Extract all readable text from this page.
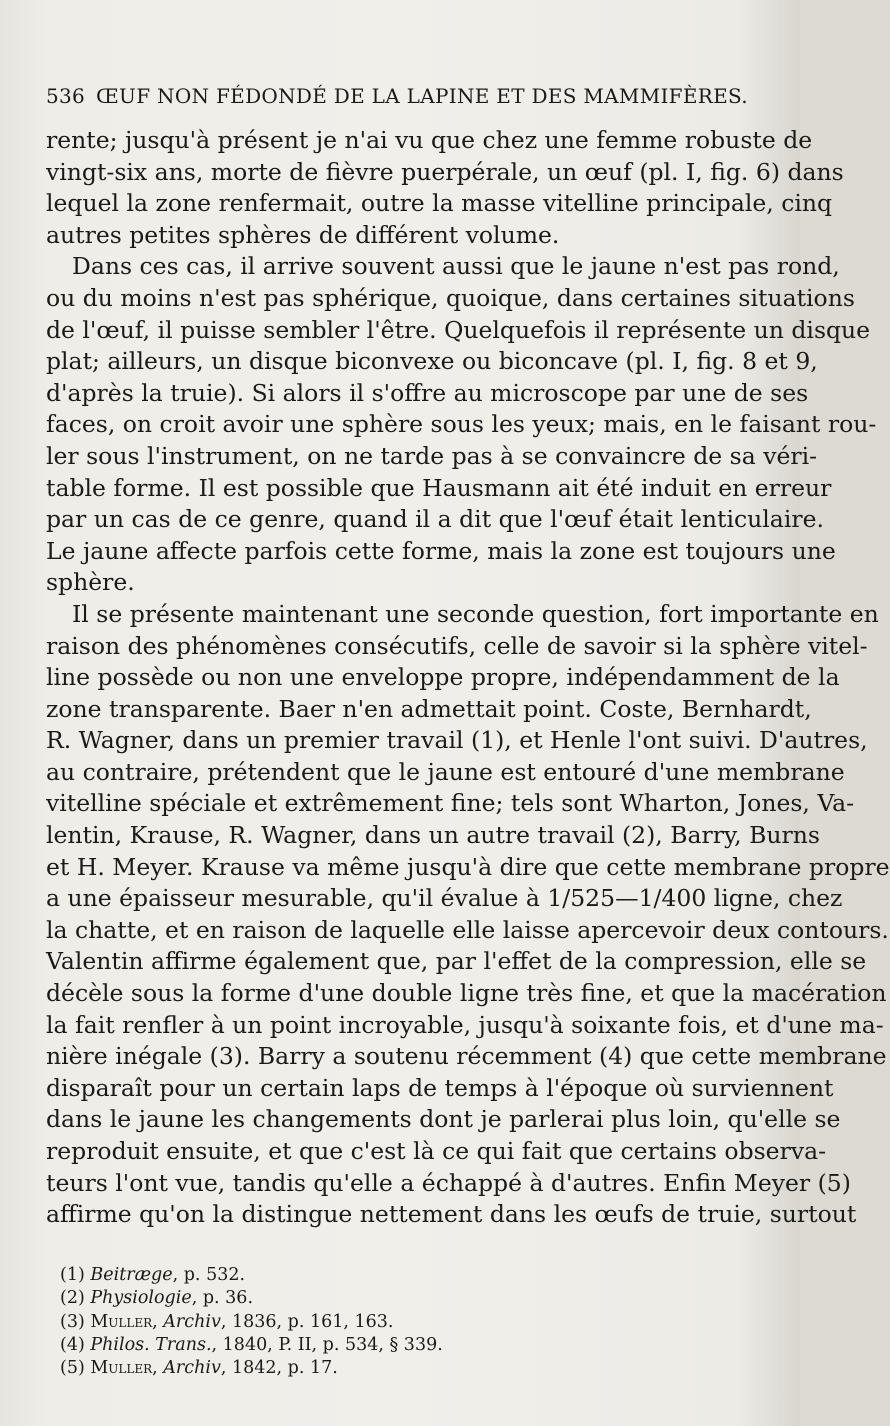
536 ŒUF NON FÉDONDÉ DE LA LAPINE ET DES MAMMIFÈRES.
rente; jusqu'à présent je n'ai vu que chez une femme robuste de
vingt-six ans, morte de fièvre puerpérale, un œuf (pl. I, fig. 6) dans
lequel la zone renfermait, outre la masse vitelline principale, cinq
autres petites sphères de différent volume.
Dans ces cas, il arrive souvent aussi que le jaune n'est pas rond,
ou du moins n'est pas sphérique, quoique, dans certaines situations
de l'œuf, il puisse sembler l'être. Quelquefois il représente un disque
plat; ailleurs, un disque biconvexe ou biconcave (pl. I, fig. 8 et 9,
d'après la truie). Si alors il s'offre au microscope par une de ses
faces, on croit avoir une sphère sous les yeux; mais, en le faisant rou-
ler sous l'instrument, on ne tarde pas à se convaincre de sa véri-
table forme. Il est possible que Hausmann ait été induit en erreur
par un cas de ce genre, quand il a dit que l'œuf était lenticulaire.
Le jaune affecte parfois cette forme, mais la zone est toujours une
sphère.
Il se présente maintenant une seconde question, fort importante en
raison des phénomènes consécutifs, celle de savoir si la sphère vitel-
line possède ou non une enveloppe propre, indépendamment de la
zone transparente. Baer n'en admettait point. Coste, Bernhardt,
R. Wagner, dans un premier travail (1), et Henle l'ont suivi. D'autres,
au contraire, prétendent que le jaune est entouré d'une membrane
vitelline spéciale et extrêmement fine; tels sont Wharton, Jones, Va-
lentin, Krause, R. Wagner, dans un autre travail (2), Barry, Burns
et H. Meyer. Krause va même jusqu'à dire que cette membrane propre
a une épaisseur mesurable, qu'il évalue à 1/525—1/400 ligne, chez
la chatte, et en raison de laquelle elle laisse apercevoir deux contours.
Valentin affirme également que, par l'effet de la compression, elle se
décèle sous la forme d'une double ligne très fine, et que la macération
la fait renfler à un point incroyable, jusqu'à soixante fois, et d'une ma-
nière inégale (3). Barry a soutenu récemment (4) que cette membrane
disparaît pour un certain laps de temps à l'époque où surviennent
dans le jaune les changements dont je parlerai plus loin, qu'elle se
reproduit ensuite, et que c'est là ce qui fait que certains observa-
teurs l'ont vue, tandis qu'elle a échappé à d'autres. Enfin Meyer (5)
affirme qu'on la distingue nettement dans les œufs de truie, surtout
(1) Beitræge, p. 532.
(2) Physiologie, p. 36.
(3) Muller, Archiv, 1836, p. 161, 163.
(4) Philos. Trans., 1840, P. II, p. 534, § 339.
(5) Muller, Archiv, 1842, p. 17.
